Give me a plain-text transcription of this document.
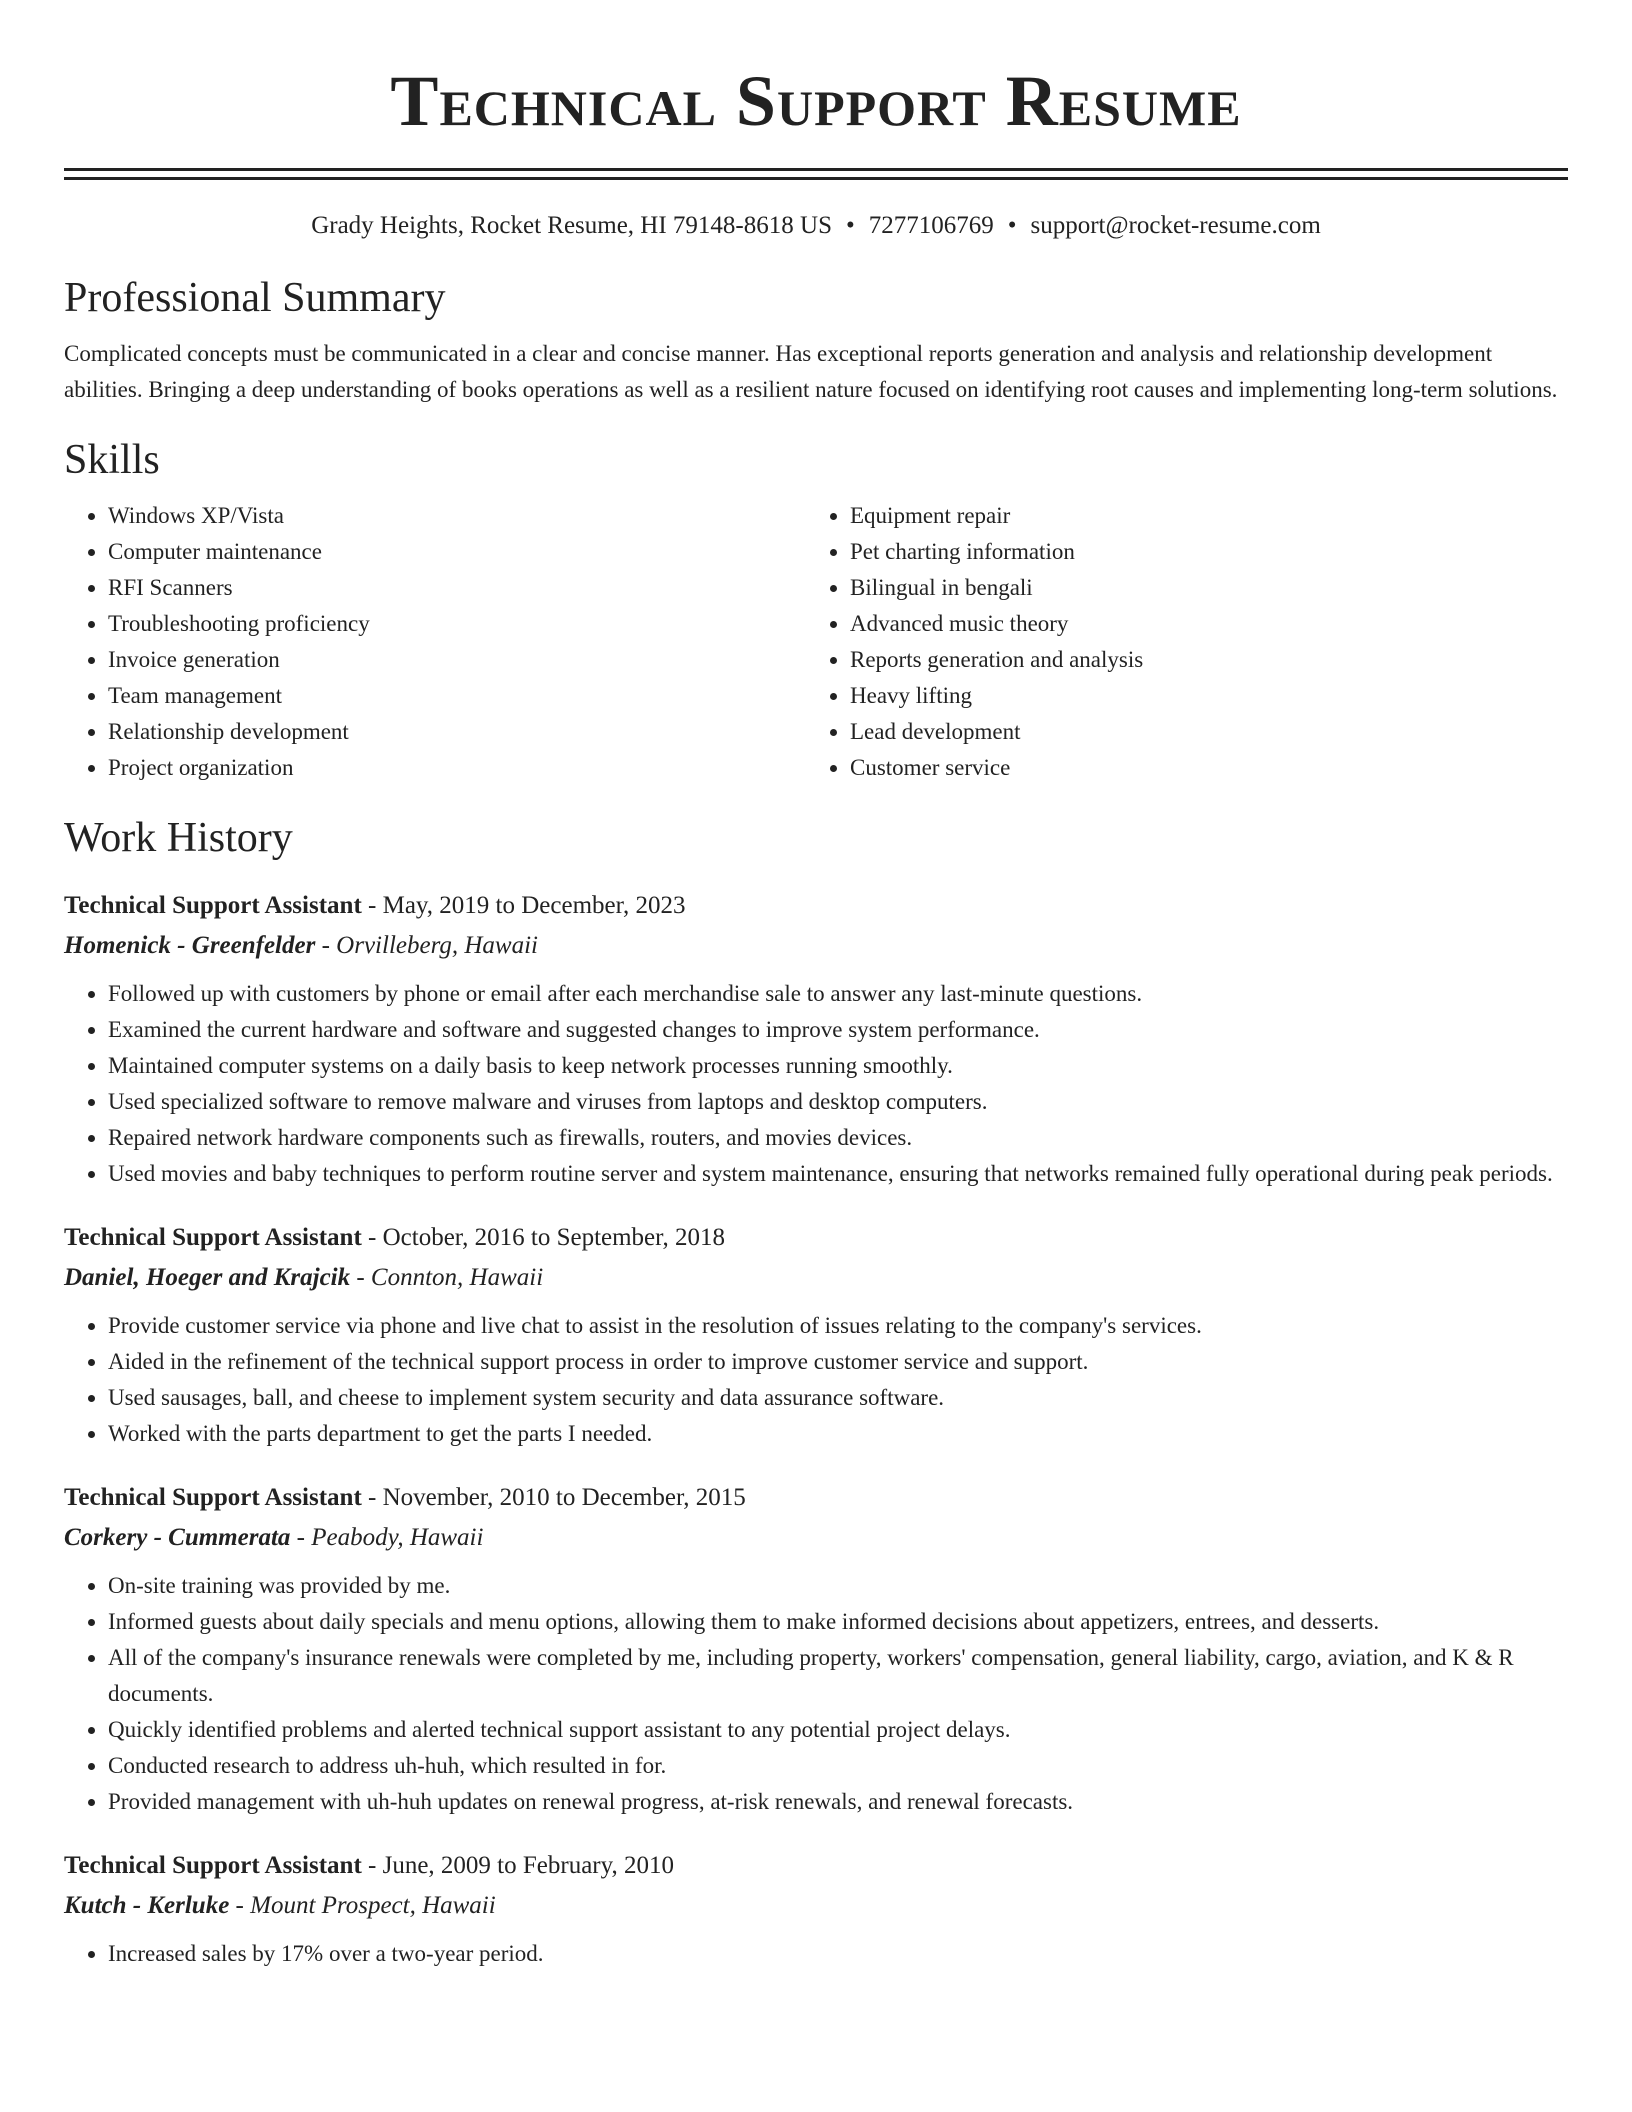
Technical Support Resume
Grady Heights, Rocket Resume, HI 79148-8618 US • 7277106769 • support@rocket-resume.com
Professional Summary

Complicated concepts must be communicated in a clear and concise manner. Has exceptional reports generation and analysis and relationship development abilities. Bringing a deep understanding of books operations as well as a resilient nature focused on identifying root causes and implementing long-term solutions.

Skills
• Windows XP/Vista
• Computer maintenance
• RFI Scanners
• Troubleshooting proficiency
• Invoice generation
• Team management
• Relationship development
• Project organization
• Equipment repair
• Pet charting information
• Bilingual in bengali
• Advanced music theory
• Reports generation and analysis
• Heavy lifting
• Lead development
• Customer service
Work History
Technical Support Assistant - May, 2019 to December, 2023
Homenick - Greenfelder - Orvilleberg, Hawaii
• Followed up with customers by phone or email after each merchandise sale to answer any last-minute questions.
• Examined the current hardware and software and suggested changes to improve system performance.
• Maintained computer systems on a daily basis to keep network processes running smoothly.
• Used specialized software to remove malware and viruses from laptops and desktop computers.
• Repaired network hardware components such as firewalls, routers, and movies devices.
• Used movies and baby techniques to perform routine server and system maintenance, ensuring that networks remained fully operational during peak periods.
Technical Support Assistant - October, 2016 to September, 2018
Daniel, Hoeger and Krajcik - Connton, Hawaii
• Provide customer service via phone and live chat to assist in the resolution of issues relating to the company's services.
• Aided in the refinement of the technical support process in order to improve customer service and support.
• Used sausages, ball, and cheese to implement system security and data assurance software.
• Worked with the parts department to get the parts I needed.
Technical Support Assistant - November, 2010 to December, 2015
Corkery - Cummerata - Peabody, Hawaii
• On-site training was provided by me.
• Informed guests about daily specials and menu options, allowing them to make informed decisions about appetizers, entrees, and desserts.
• All of the company's insurance renewals were completed by me, including property, workers' compensation, general liability, cargo, aviation, and K & R documents.
• Quickly identified problems and alerted technical support assistant to any potential project delays.
• Conducted research to address uh-huh, which resulted in for.
• Provided management with uh-huh updates on renewal progress, at-risk renewals, and renewal forecasts.
Technical Support Assistant - June, 2009 to February, 2010
Kutch - Kerluke - Mount Prospect, Hawaii
• Increased sales by 17% over a two-year period.
